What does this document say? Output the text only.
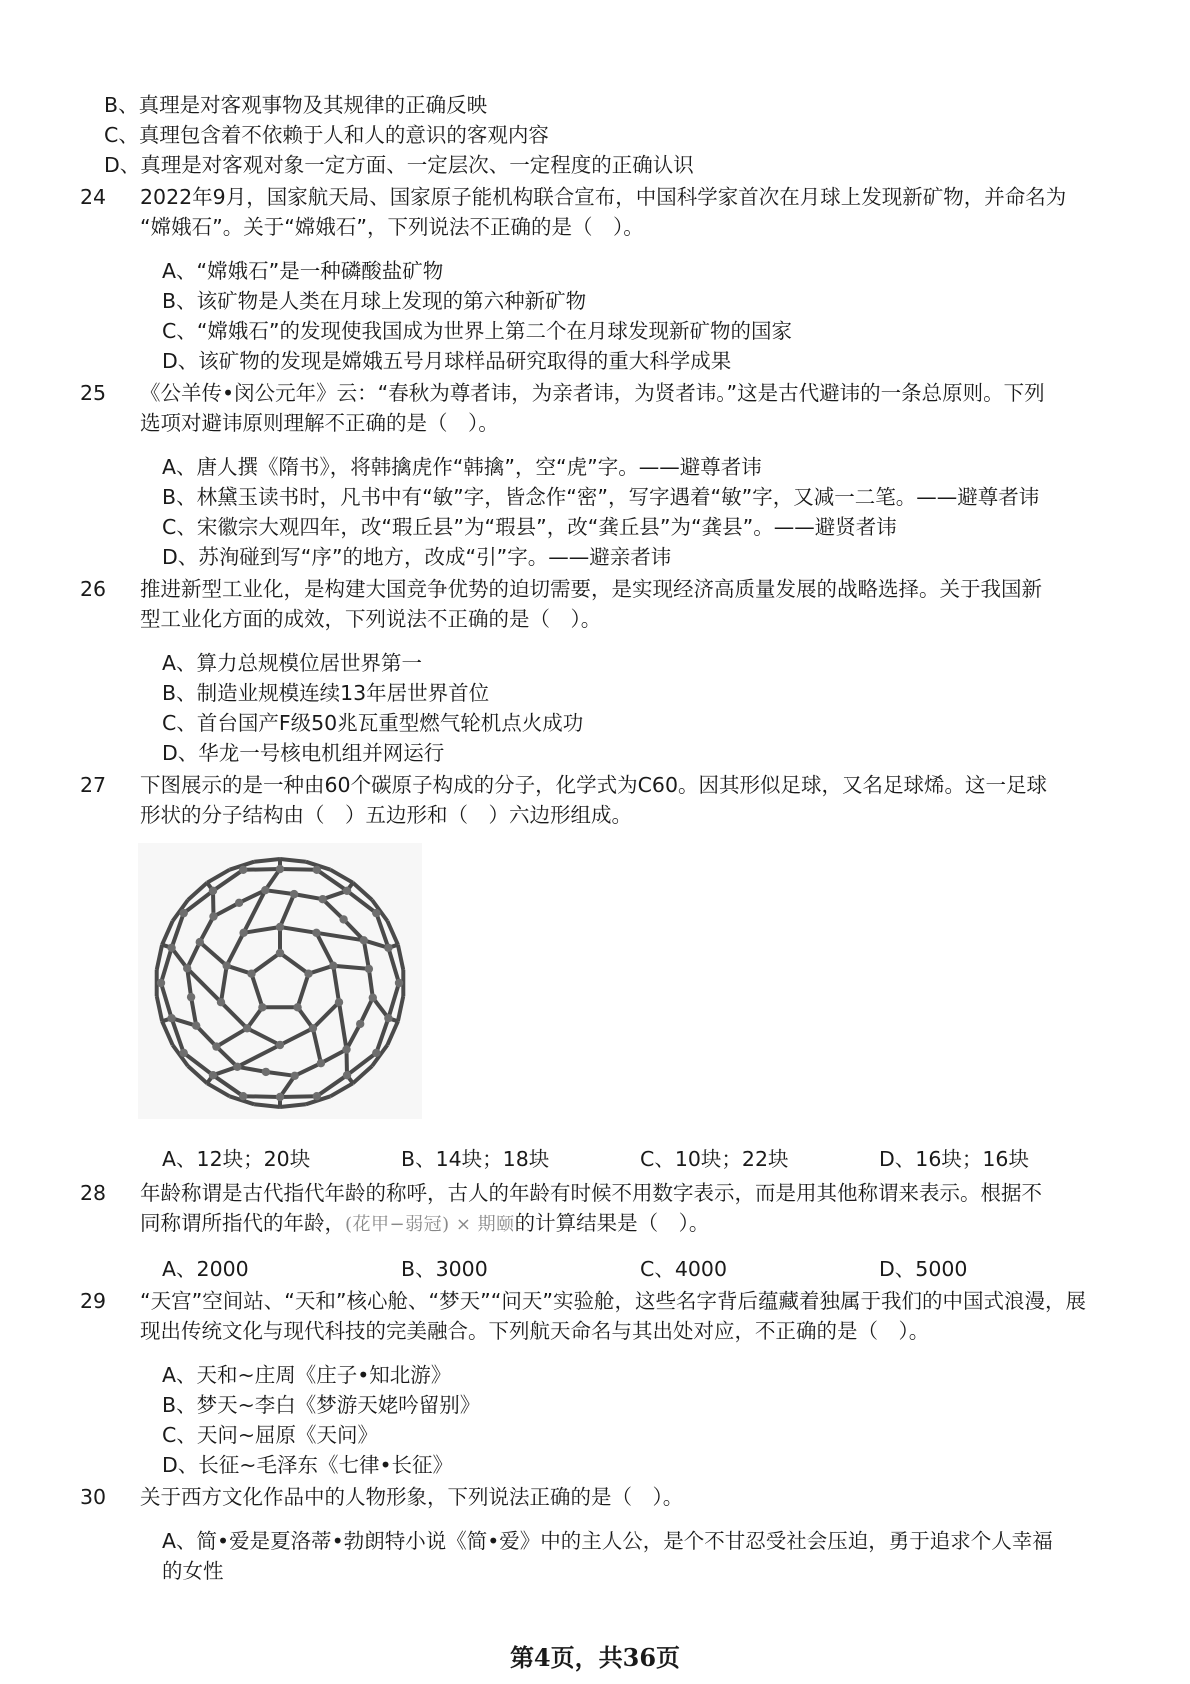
B、真理是对客观事物及其规律的正确反映
C、真理包含着不依赖于人和人的意识的客观内容
D、真理是对客观对象一定方面、一定层次、一定程度的正确认识
24 2022年9月，国家航天局、国家原子能机构联合宣布，中国科学家首次在月球上发现新矿物，并命名为
“嫦娥石”。关于“嫦娥石”，下列说法不正确的是（　）。
A、“嫦娥石”是一种磷酸盐矿物
B、该矿物是人类在月球上发现的第六种新矿物
C、“嫦娥石”的发现使我国成为世界上第二个在月球发现新矿物的国家
D、该矿物的发现是嫦娥五号月球样品研究取得的重大科学成果
25 《公羊传•闵公元年》云：“春秋为尊者讳，为亲者讳，为贤者讳。”这是古代避讳的一条总原则。下列
选项对避讳原则理解不正确的是（　）。
A、唐人撰《隋书》，将韩擒虎作“韩擒”，空“虎”字。——避尊者讳
B、林黛玉读书时，凡书中有“敏”字，皆念作“密”，写字遇着“敏”字，又减一二笔。——避尊者讳
C、宋徽宗大观四年，改“瑕丘县”为“瑕县”，改“龚丘县”为“龚县”。——避贤者讳
D、苏洵碰到写“序”的地方，改成“引”字。——避亲者讳
26 推进新型工业化，是构建大国竞争优势的迫切需要，是实现经济高质量发展的战略选择。关于我国新
型工业化方面的成效，下列说法不正确的是（　）。
A、算力总规模位居世界第一
B、制造业规模连续13年居世界首位
C、首台国产F级50兆瓦重型燃气轮机点火成功
D、华龙一号核电机组并网运行
27 下图展示的是一种由60个碳原子构成的分子，化学式为C60。因其形似足球，又名足球烯。这一足球
形状的分子结构由（　）五边形和（　）六边形组成。
A、12块；20块	B、14块；18块	C、10块；22块	D、16块；16块
28 年龄称谓是古代指代年龄的称呼，古人的年龄有时候不用数字表示，而是用其他称谓来表示。根据不
同称谓所指代的年龄，(花甲−弱冠) × 期颐的计算结果是（　）。
A、2000	B、3000	C、4000	D、5000
29 “天宫”空间站、“天和”核心舱、“梦天”“问天”实验舱，这些名字背后蕴藏着独属于我们的中国式浪漫，展
现出传统文化与现代科技的完美融合。下列航天命名与其出处对应，不正确的是（　）。
A、天和~庄周《庄子•知北游》
B、梦天~李白《梦游天姥吟留别》
C、天问~屈原《天问》
D、长征~毛泽东《七律•长征》
30 关于西方文化作品中的人物形象，下列说法正确的是（　）。
A、简•爱是夏洛蒂•勃朗特小说《简•爱》中的主人公，是个不甘忍受社会压迫，勇于追求个人幸福
的女性
第4页，共36页
